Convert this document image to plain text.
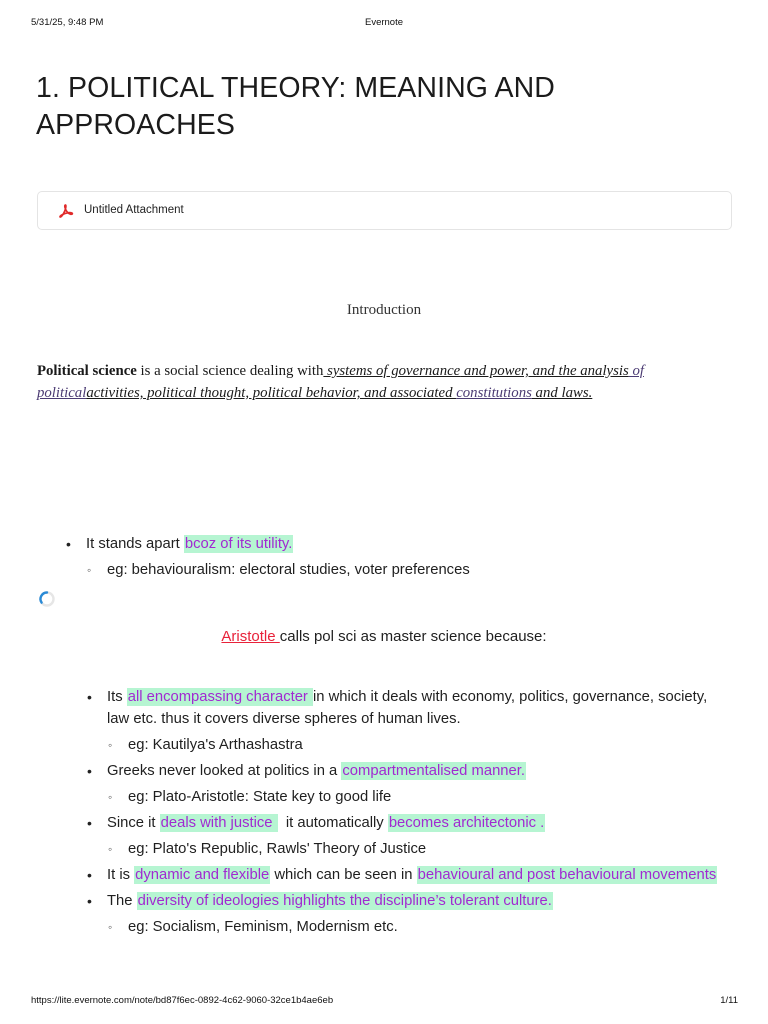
5/31/25, 9:48 PM	Evernote
1. POLITICAL THEORY: MEANING AND APPROACHES
Untitled Attachment
Introduction

Political science is a social science dealing with systems of governance and power, and the analysis of politicalactivities, political thought, political behavior, and associated constitutions and laws.

• It stands apart bcoz of its utility.
◦ eg: behaviouralism: electoral studies, voter preferences
Aristotle calls pol sci as master science because:
• Its all encompassing character in which it deals with economy, politics, governance, society, law etc. thus it covers diverse spheres of human lives.
◦ eg: Kautilya's Arthashastra
• Greeks never looked at politics in a compartmentalised manner.
◦ eg: Plato-Aristotle: State key to good life
• Since it deals with justice   it automatically becomes architectonic .
◦ eg: Plato's Republic, Rawls' Theory of Justice
• It is dynamic and flexible which can be seen in behavioural and post behavioural movements
• The diversity of ideologies highlights the discipline’s tolerant culture.
◦ eg: Socialism, Feminism, Modernism etc.
https://lite.evernote.com/note/bd87f6ec-0892-4c62-9060-32ce1b4ae6eb	1/11
